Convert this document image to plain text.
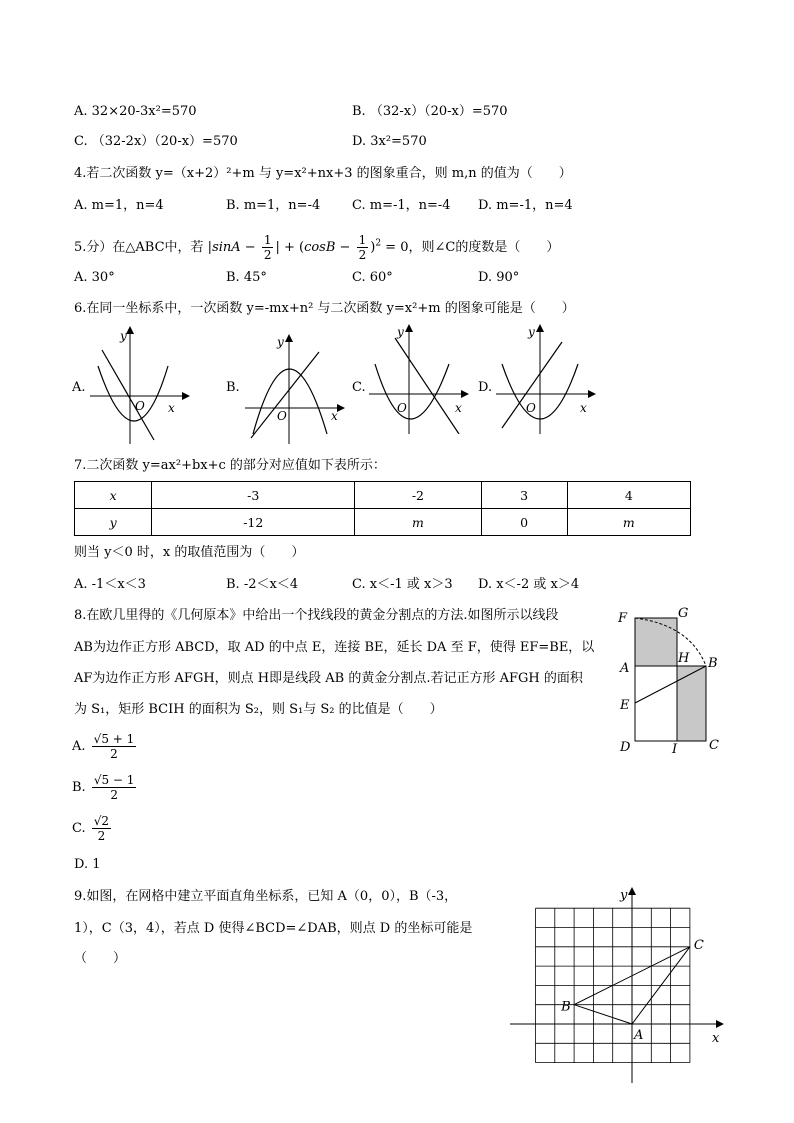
A. 32×20-3x²=570	B. （32-x）（20-x）=570
C. （32-2x）（20-x）=570	D. 3x²=570
4.若二次函数 y=（x+2）²+m 与 y=x²+nx+3 的图象重合，则 m,n 的值为（　　）
A. m=1，n=4	B. m=1，n=-4 C. m=-1，n=-4 D. m=-1，n=4
5.分）在△ABC中，若 $|\sin A - \frac{1}{2}$ | + $(\cos B - \frac{1}{2} )^2 = 0$，则∠C的度数是（　　）
A. 30°	B. 45°	C. 60°	D. 90°
6.在同一坐标系中，一次函数 y=-mx+n² 与二次函数 y=x²+m 的图象可能是（　　）
A.
y
x
O
B.
y
x
O
C.
y
x
O
D.
y
x
O
7.二次函数 y=ax²+bx+c 的部分对应值如下表所示：
x	-3	-2	3	4
y	-12	m	0	m
则当 y＜0 时，x 的取值范围为（　　）
A. -1＜x＜3	B. -2＜x＜4	C. x＜-1 或 x＞3 D. x＜-2 或 x＞4
8.在欧几里得的《几何原本》中给出一个找线段的黄金分割点的方法.如图所示以线段
AB为边作正方形 ABCD，取 AD 的中点 E，连接 BE，延长 DA 至 F，使得 EF=BE，以
AF为边作正方形 AFGH，则点 H即是线段 AB 的黄金分割点.若记正方形 AFGH 的面积
为 S₁，矩形 BCIH 的面积为 S₂，则 S₁与 S₂ 的比值是（　　）
A. $\frac{√5 + 1}{2}$
B. $\frac{√5 - 1}{2}$
C. $\frac{√2}{2}$
D. 1
F	G
A
H B
E
D	I C
9.如图，在网格中建立平面直角坐标系，已知 A（0，0），B（-3，
1），C（3，4），若点 D 使得∠BCD=∠DAB，则点 D 的坐标可能是
（　　）
y
x
A
B
C
